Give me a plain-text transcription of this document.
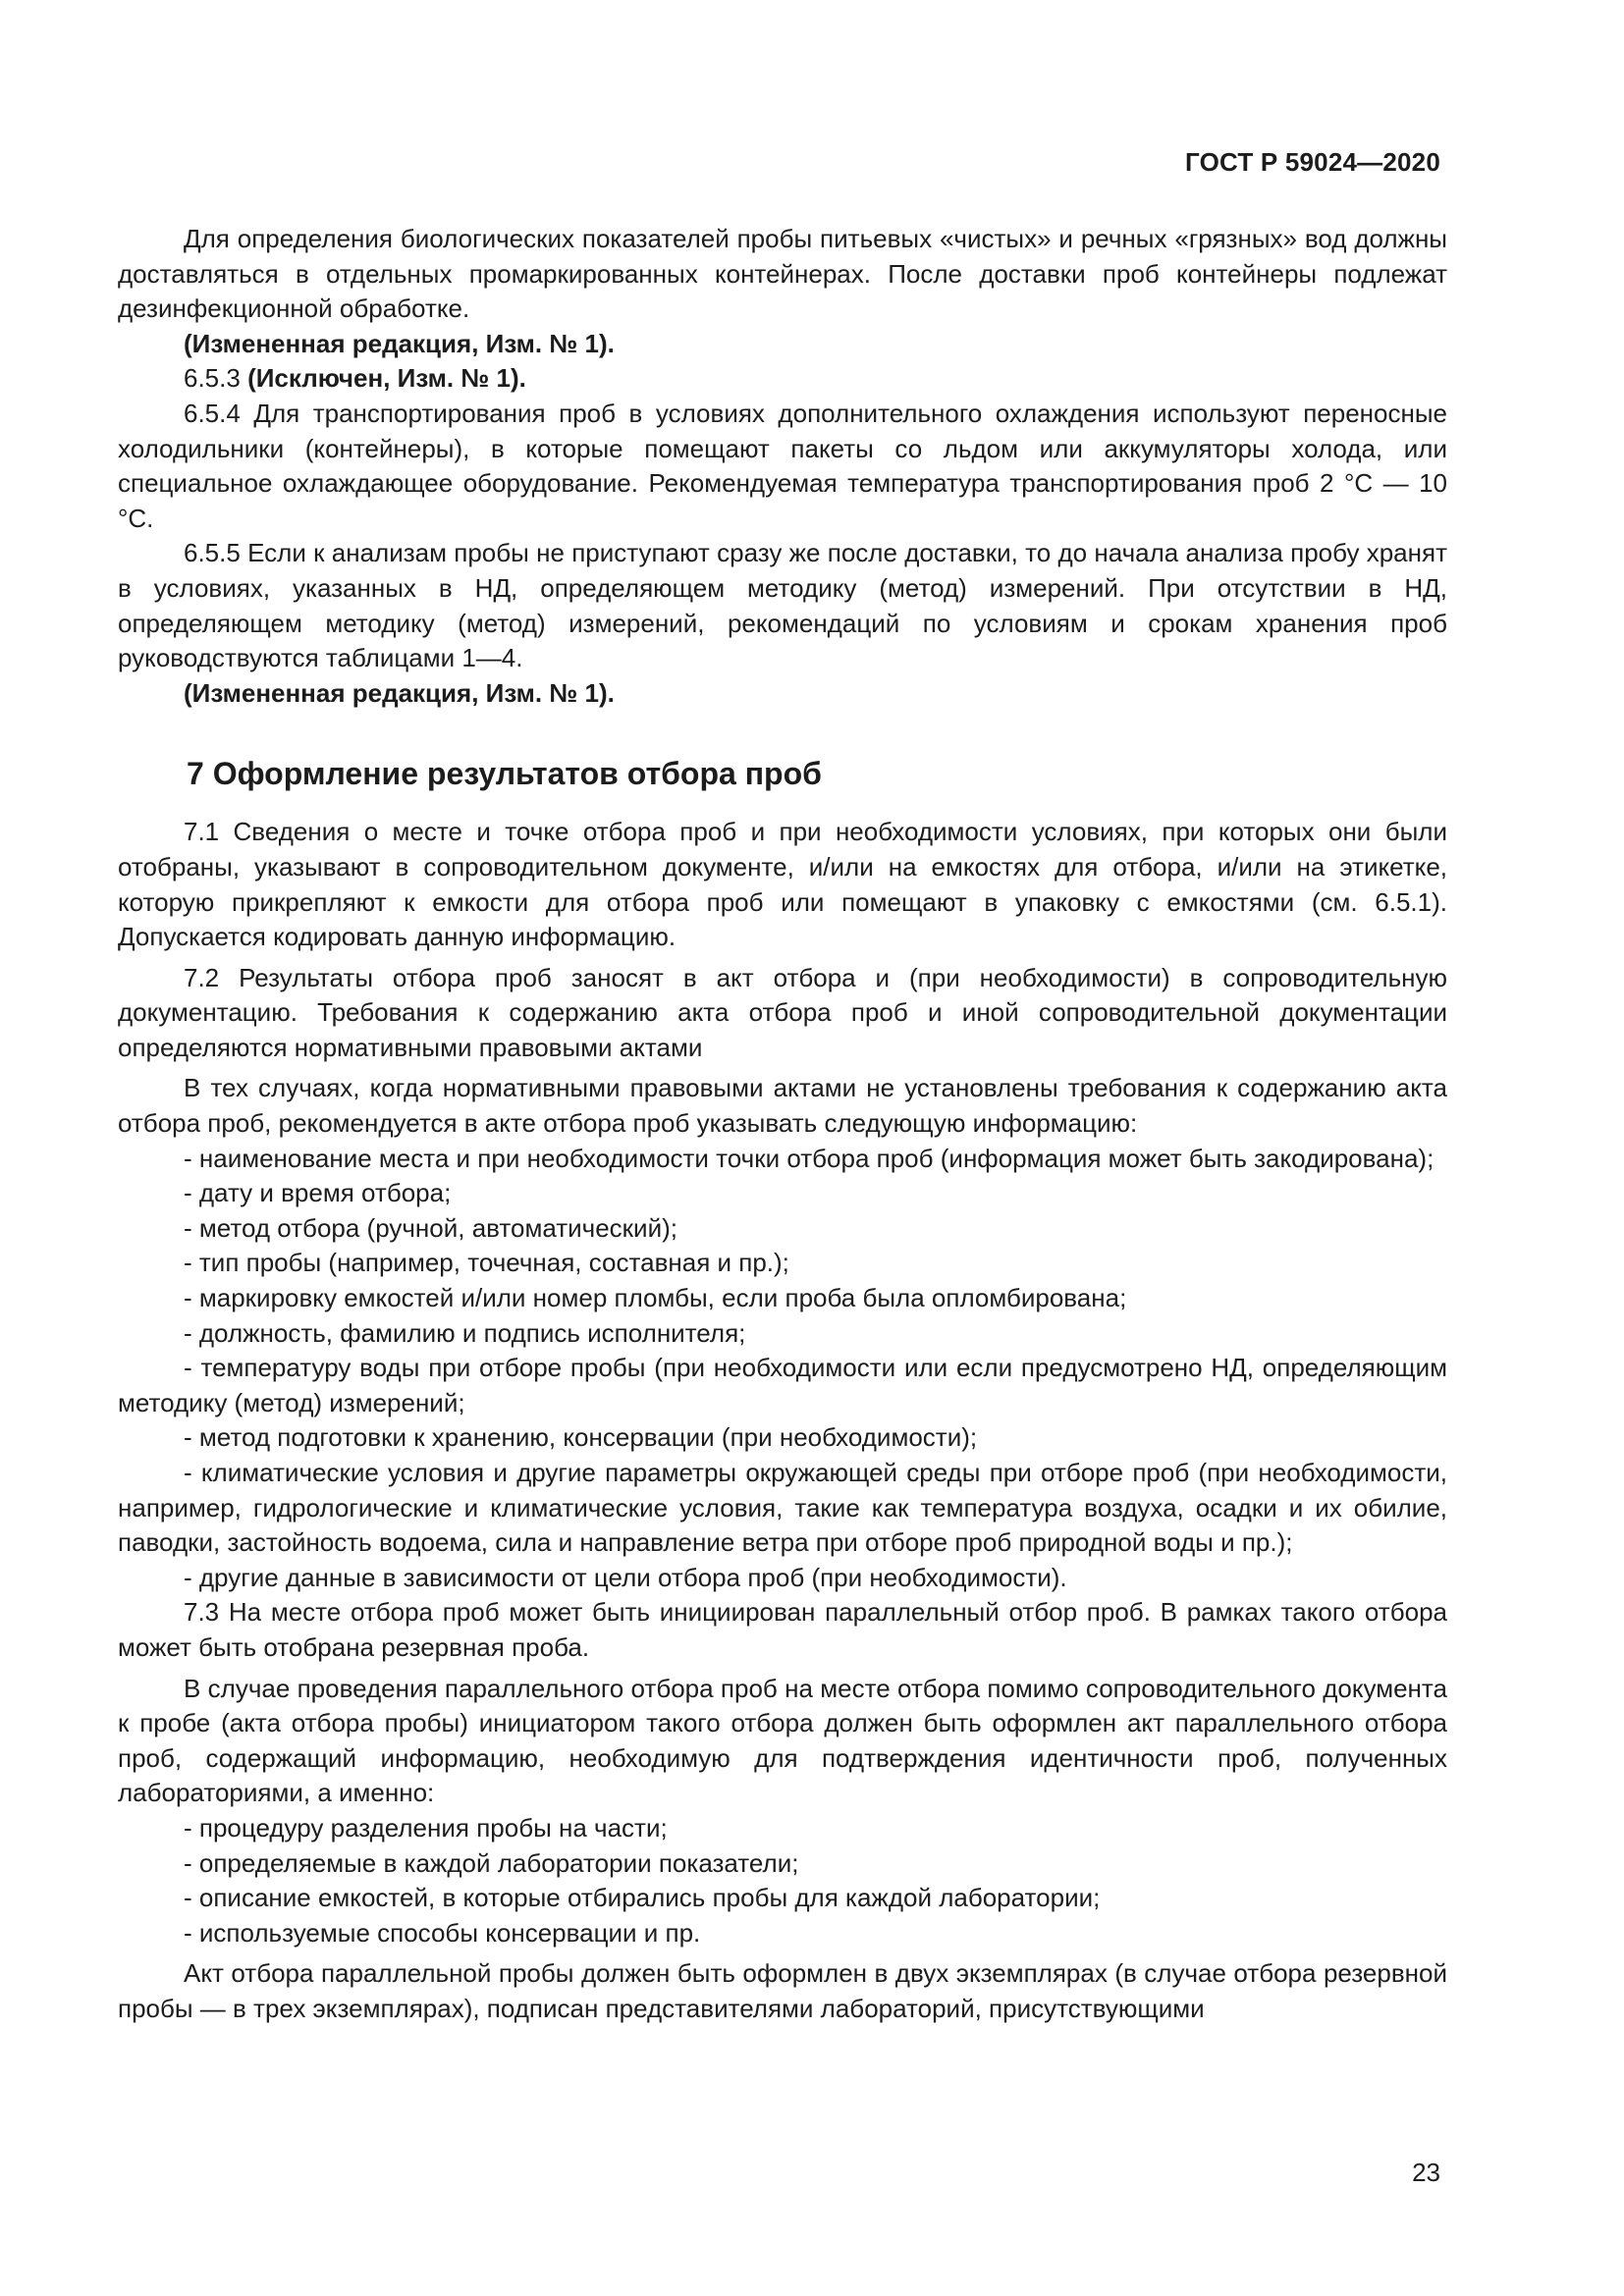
ГОСТ Р 59024—2020

Для определения биологических показателей пробы питьевых «чистых» и речных «грязных» вод должны доставляться в отдельных промаркированных контейнерах. После доставки проб контейнеры подлежат дезинфекционной обработке.

(Измененная редакция, Изм. № 1).

6.5.3 (Исключен, Изм. № 1).

6.5.4 Для транспортирования проб в условиях дополнительного охлаждения используют переносные холодильники (контейнеры), в которые помещают пакеты со льдом или аккумуляторы холода, или специальное охлаждающее оборудование. Рекомендуемая температура транспортирования проб 2 °С — 10 °С.

6.5.5 Если к анализам пробы не приступают сразу же после доставки, то до начала анализа пробу хранят в условиях, указанных в НД, определяющем методику (метод) измерений. При отсутствии в НД, определяющем методику (метод) измерений, рекомендаций по условиям и срокам хранения проб руководствуются таблицами 1—4.

(Измененная редакция, Изм. № 1).

7 Оформление результатов отбора проб

7.1 Сведения о месте и точке отбора проб и при необходимости условиях, при которых они были отобраны, указывают в сопроводительном документе, и/или на емкостях для отбора, и/или на этикетке, которую прикрепляют к емкости для отбора проб или помещают в упаковку с емкостями (см. 6.5.1). Допускается кодировать данную информацию.

7.2 Результаты отбора проб заносят в акт отбора и (при необходимости) в сопроводительную документацию. Требования к содержанию акта отбора проб и иной сопроводительной документации определяются нормативными правовыми актами

В тех случаях, когда нормативными правовыми актами не установлены требования к содержанию акта отбора проб, рекомендуется в акте отбора проб указывать следующую информацию:

- наименование места и при необходимости точки отбора проб (информация может быть закодирована);

- дату и время отбора;

- метод отбора (ручной, автоматический);

- тип пробы (например, точечная, составная и пр.);

- маркировку емкостей и/или номер пломбы, если проба была опломбирована;

- должность, фамилию и подпись исполнителя;

- температуру воды при отборе пробы (при необходимости или если предусмотрено НД, определяющим методику (метод) измерений;

- метод подготовки к хранению, консервации (при необходимости);

- климатические условия и другие параметры окружающей среды при отборе проб (при необходимости, например, гидрологические и климатические условия, такие как температура воздуха, осадки и их обилие, паводки, застойность водоема, сила и направление ветра при отборе проб природной воды и пр.);

- другие данные в зависимости от цели отбора проб (при необходимости).

7.3 На месте отбора проб может быть инициирован параллельный отбор проб. В рамках такого отбора может быть отобрана резервная проба.

В случае проведения параллельного отбора проб на месте отбора помимо сопроводительного документа к пробе (акта отбора пробы) инициатором такого отбора должен быть оформлен акт параллельного отбора проб, содержащий информацию, необходимую для подтверждения идентичности проб, полученных лабораториями, а именно:

- процедуру разделения пробы на части;

- определяемые в каждой лаборатории показатели;

- описание емкостей, в которые отбирались пробы для каждой лаборатории;

- используемые способы консервации и пр.

Акт отбора параллельной пробы должен быть оформлен в двух экземплярах (в случае отбора резервной пробы — в трех экземплярах), подписан представителями лабораторий, присутствующими

23
